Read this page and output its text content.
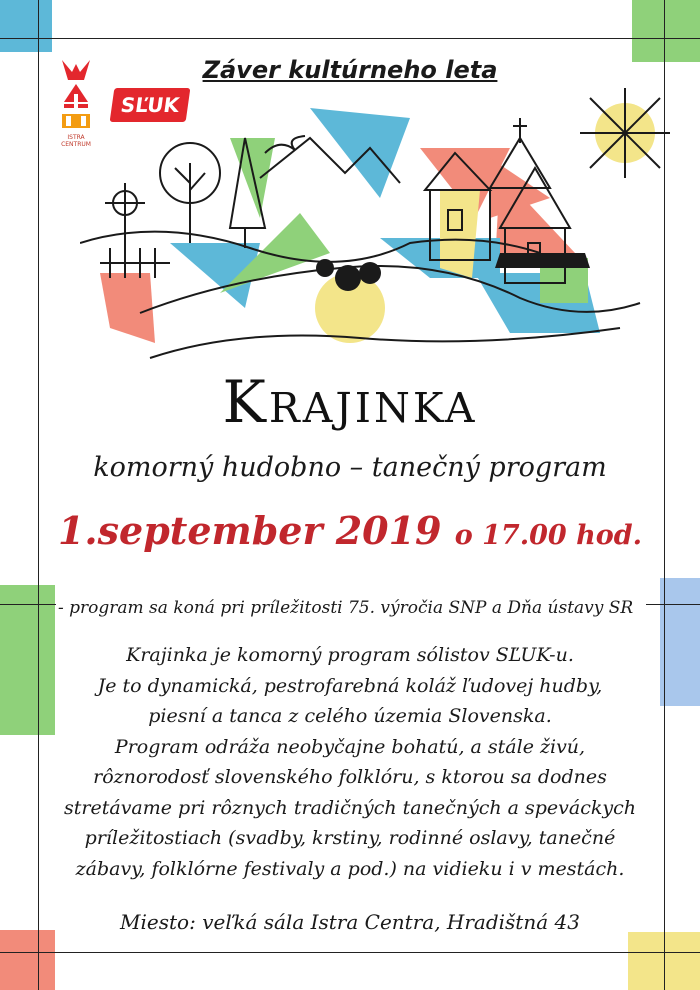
Záver kultúrneho leta
ISTRA CENTRUM
SĽUK
Krajinka
komorný hudobno – tanečný program
1.september 2019 o 17.00 hod.
- program sa koná pri príležitosti 75. výročia SNP a Dňa ústavy SR
Krajinka je komorný program sólistov SĽUK-u.
Je to dynamická, pestrofarebná koláž ľudovej hudby,
piesní a tanca z celého územia Slovenska.
Program odráža neobyčajne bohatú, a stále živú,
rôznorodosť slovenského folklóru, s ktorou sa dodnes
stretávame pri rôznych tradičných tanečných a speváckych
príležitostiach (svadby, krstiny, rodinné oslavy, tanečné
zábavy, folklórne festivaly a pod.) na vidieku i v mestách.
Miesto: veľká sála Istra Centra, Hradištná 43
